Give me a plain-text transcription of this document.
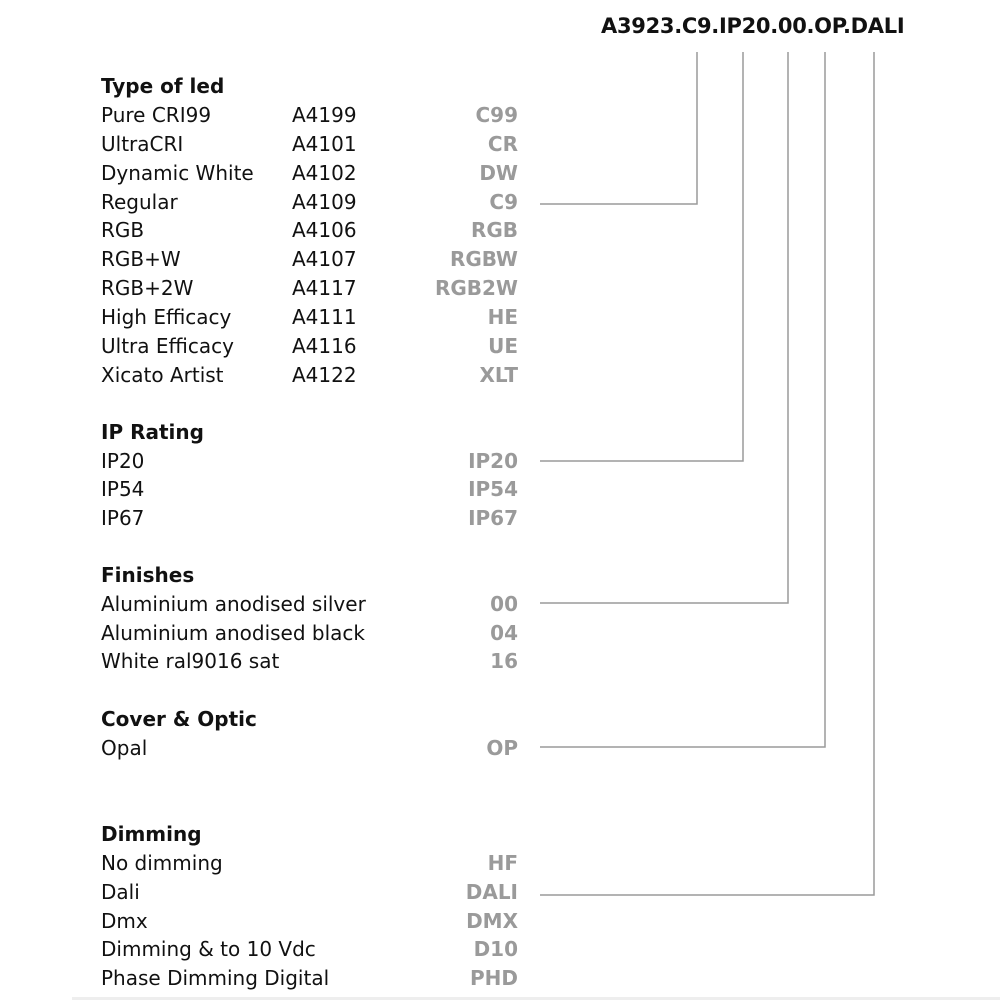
A3923.C9.IP20.00.OP.DALI
Type of led
Pure CRI99	A4199	C99
UltraCRI	A4101	CR
Dynamic White A4102	DW
Regular	A4109	C9
RGB	A4106	RGB
RGB+W	A4107	RGBW
RGB+2W	A4117	RGB2W
High Efficacy	A4111	HE
Ultra Efficacy	A4116	UE
Xicato Artist	A4122	XLT
IP Rating
IP20	IP20
IP54	IP54
IP67	IP67
Finishes
Aluminium anodised silver	00
Aluminium anodised black	04
White ral9016 sat	16
Cover & Optic
Opal	OP
Dimming
No dimming	HF
Dali	DALI
Dmx	DMX
Dimming & to 10 Vdc	D10
Phase Dimming Digital	PHD
